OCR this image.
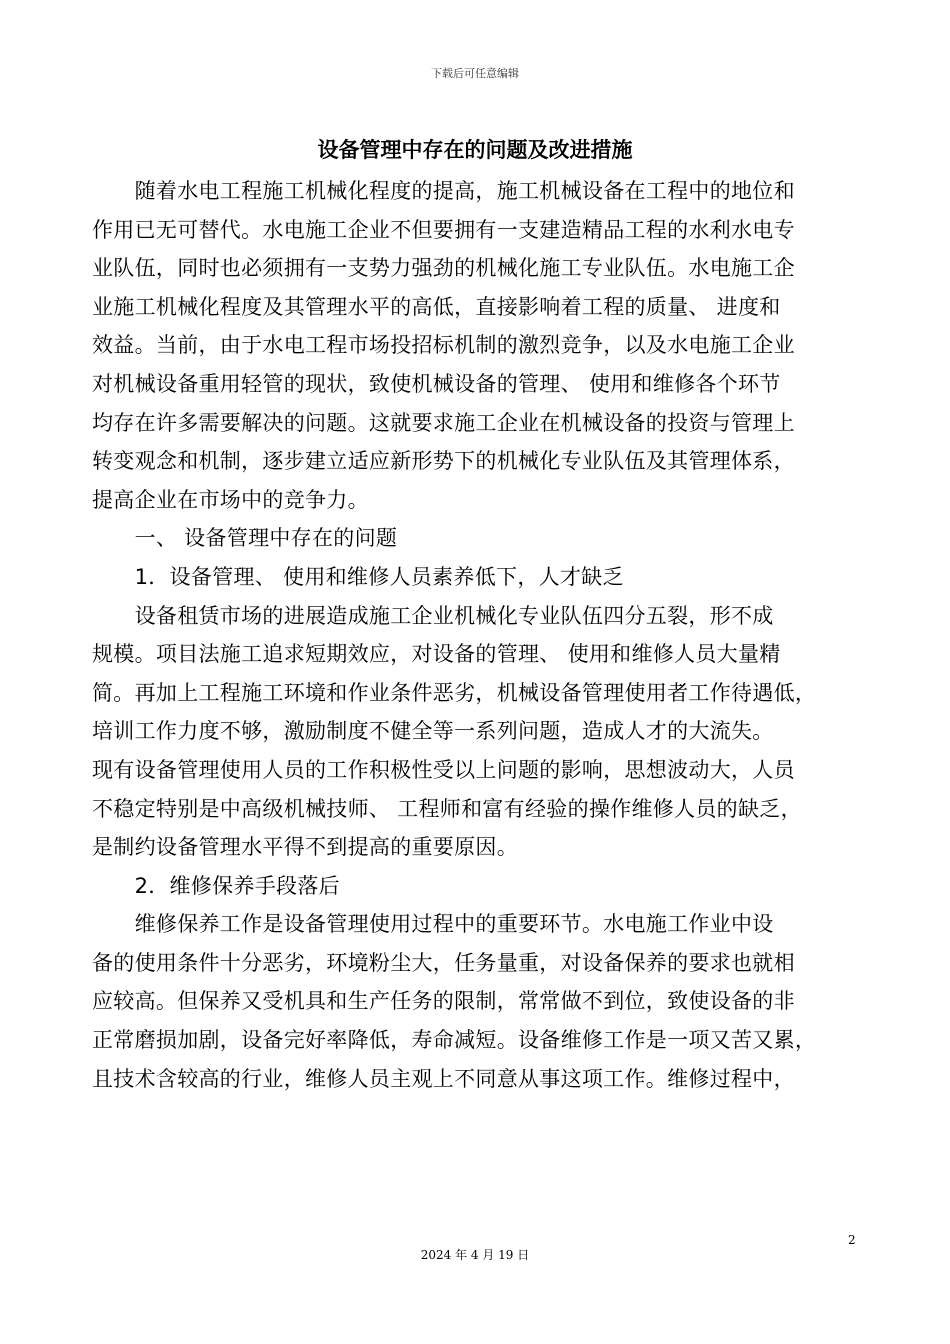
下载后可任意编辑
设备管理中存在的问题及改进措施
　　随着水电工程施工机械化程度的提高，施工机械设备在工程中的地位和
作用已无可替代。水电施工企业不但要拥有一支建造精品工程的水利水电专
业队伍，同时也必须拥有一支势力强劲的机械化施工专业队伍。水电施工企
业施工机械化程度及其管理水平的高低，直接影响着工程的质量、 进度和
效益。当前，由于水电工程市场投招标机制的激烈竞争，以及水电施工企业
对机械设备重用轻管的现状，致使机械设备的管理、 使用和维修各个环节
均存在许多需要解决的问题。这就要求施工企业在机械设备的投资与管理上
转变观念和机制，逐步建立适应新形势下的机械化专业队伍及其管理体系，
提高企业在市场中的竞争力。
　　一、 设备管理中存在的问题
　　1．设备管理、 使用和维修人员素养低下，人才缺乏
　　设备租赁市场的进展造成施工企业机械化专业队伍四分五裂，形不成
规模。项目法施工追求短期效应，对设备的管理、 使用和维修人员大量精
简。再加上工程施工环境和作业条件恶劣，机械设备管理使用者工作待遇低，
培训工作力度不够，激励制度不健全等一系列问题，造成人才的大流失。
现有设备管理使用人员的工作积极性受以上问题的影响，思想波动大，人员
不稳定特别是中高级机械技师、 工程师和富有经验的操作维修人员的缺乏，
是制约设备管理水平得不到提高的重要原因。
　　2．维修保养手段落后
　　维修保养工作是设备管理使用过程中的重要环节。水电施工作业中设
备的使用条件十分恶劣，环境粉尘大，任务量重，对设备保养的要求也就相
应较高。但保养又受机具和生产任务的限制，常常做不到位，致使设备的非
正常磨损加剧，设备完好率降低，寿命减短。设备维修工作是一项又苦又累，
且技术含较高的行业，维修人员主观上不同意从事这项工作。维修过程中，
2
2024 年 4 月 19 日
